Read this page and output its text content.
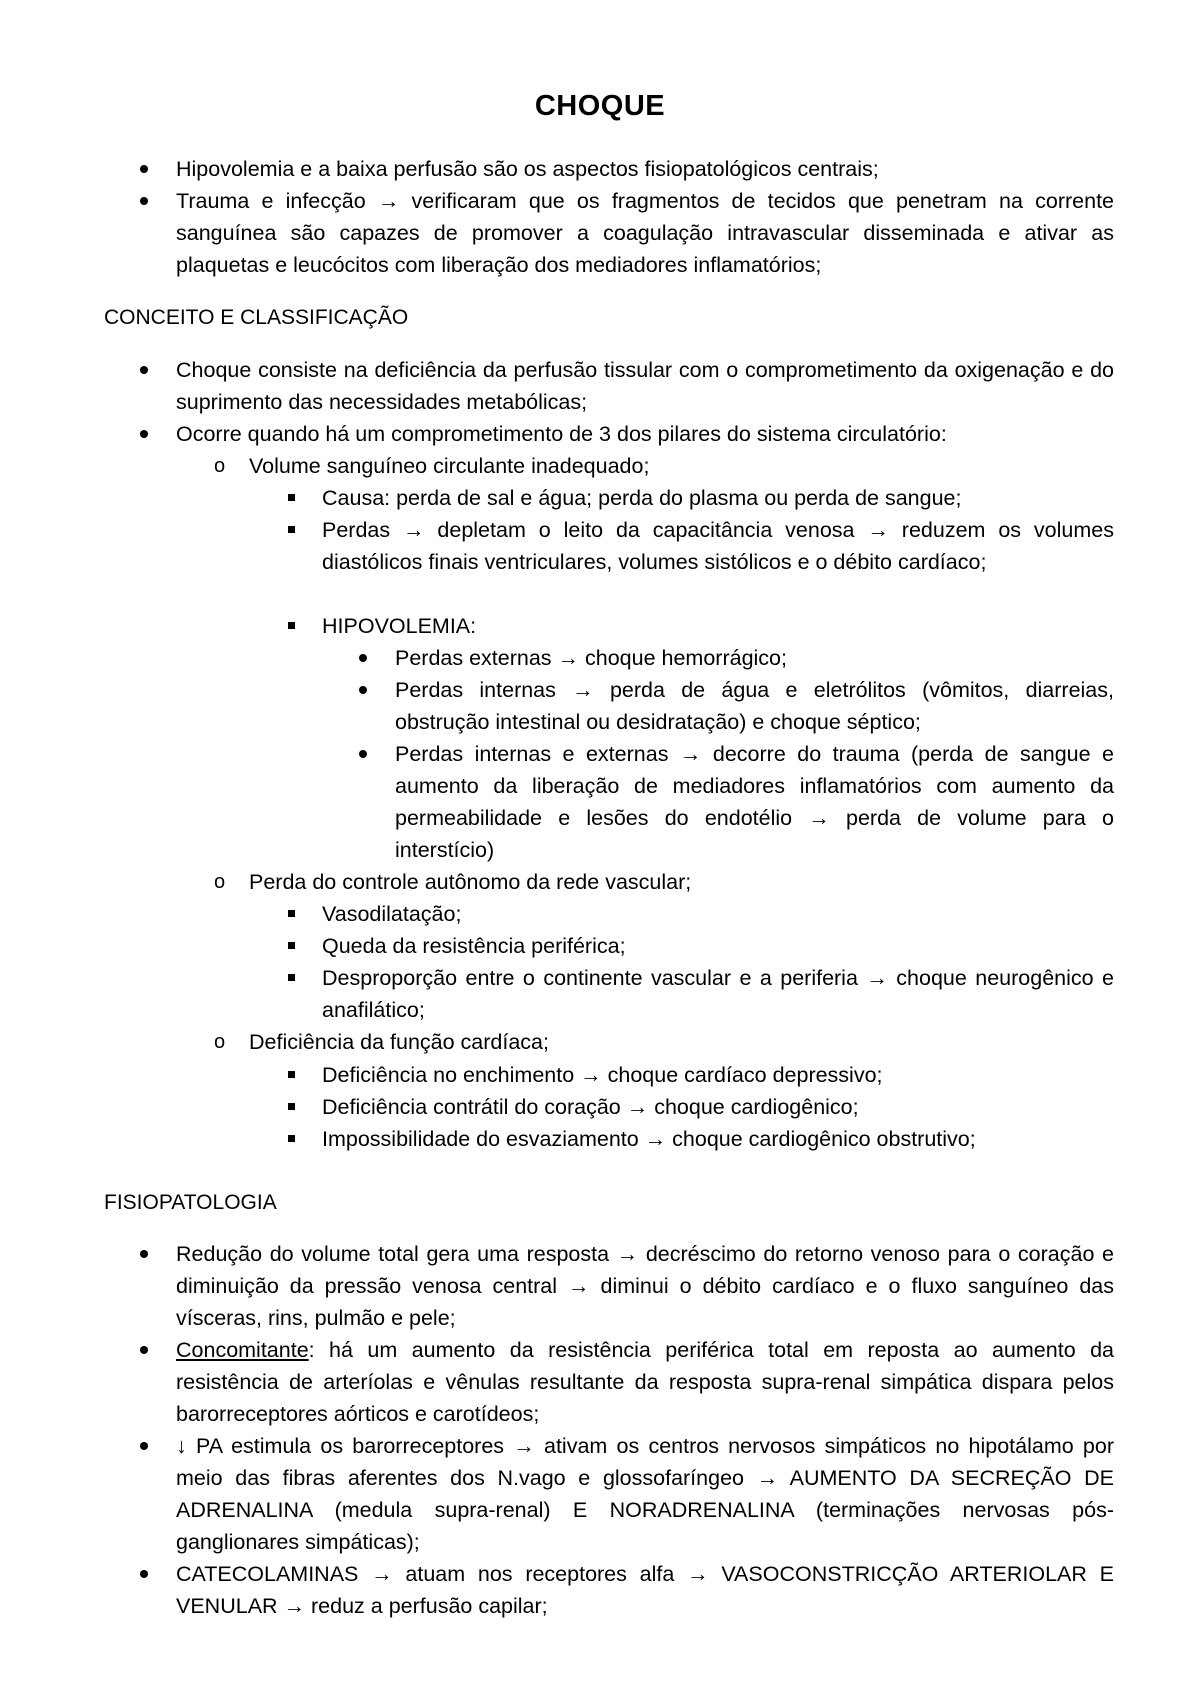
CHOQUE
Hipovolemia e a baixa perfusão são os aspectos fisiopatológicos centrais;
Trauma e infecção → verificaram que os fragmentos de tecidos que penetram na corrente sanguínea são capazes de promover a coagulação intravascular disseminada e ativar as plaquetas e leucócitos com liberação dos mediadores inflamatórios;
CONCEITO E CLASSIFICAÇÃO
Choque consiste na deficiência da perfusão tissular com o comprometimento da oxigenação e do suprimento das necessidades metabólicas;
Ocorre quando há um comprometimento de 3 dos pilares do sistema circulatório:
o
Volume sanguíneo circulante inadequado;
Causa: perda de sal e água; perda do plasma ou perda de sangue;
Perdas → depletam o leito da capacitância venosa → reduzem os volumes diastólicos finais ventriculares, volumes sistólicos e o débito cardíaco;
HIPOVOLEMIA:
Perdas externas → choque hemorrágico;
Perdas internas → perda de água e eletrólitos (vômitos, diarreias, obstrução intestinal ou desidratação) e choque séptico;
Perdas internas e externas → decorre do trauma (perda de sangue e aumento da liberação de mediadores inflamatórios com aumento da permeabilidade e lesões do endotélio → perda de volume para o interstício)
o
Perda do controle autônomo da rede vascular;
Vasodilatação;
Queda da resistência periférica;
Desproporção entre o continente vascular e a periferia → choque neurogênico e anafilático;
o
Deficiência da função cardíaca;
Deficiência no enchimento → choque cardíaco depressivo;
Deficiência contrátil do coração → choque cardiogênico;
Impossibilidade do esvaziamento → choque cardiogênico obstrutivo;
FISIOPATOLOGIA
Redução do volume total gera uma resposta → decréscimo do retorno venoso para o coração e diminuição da pressão venosa central → diminui o débito cardíaco e o fluxo sanguíneo das vísceras, rins, pulmão e pele;
Concomitante: há um aumento da resistência periférica total em reposta ao aumento da resistência de arteríolas e vênulas resultante da resposta supra-renal simpática dispara pelos barorreceptores aórticos e carotídeos;
↓ PA estimula os barorreceptores → ativam os centros nervosos simpáticos no hipotálamo por meio das fibras aferentes dos N.vago e glossofaríngeo → AUMENTO DA SECREÇÃO DE ADRENALINA (medula supra-renal) E NORADRENALINA (terminações nervosas pós-ganglionares simpáticas);
CATECOLAMINAS → atuam nos receptores alfa → VASOCONSTRICÇÃO ARTERIOLAR E VENULAR → reduz a perfusão capilar;
